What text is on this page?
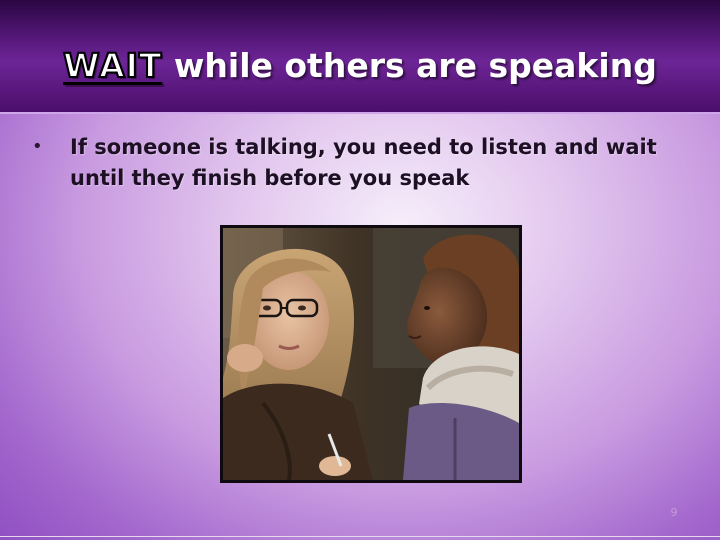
WAIT while others are speaking
•	If someone is talking, you need to listen and wait until they finish before you speak
9
